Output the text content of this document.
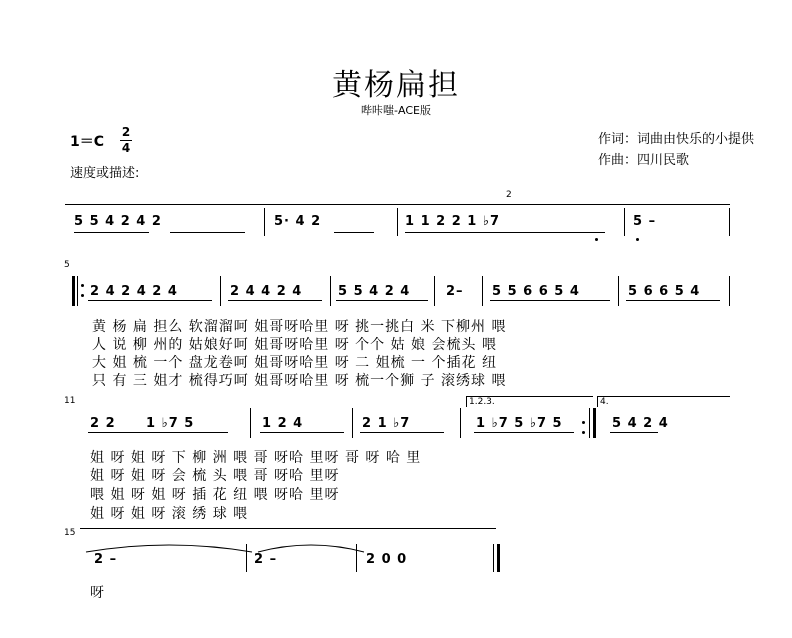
黄杨扁担
哔咔嗤-ACE版
1＝C
2
4
速度或描述:
作词：词曲由快乐的小提供
作曲：四川民歌
2
5 5 4 2 4 2	5· 4 2	1 1 2 2 1 ♭7	5 –
5
2 4 2 4 2 4	2 4 4 2 4	5 5 4 2 4	2– 5 5 6 6 5 4	5 6 6 5 4
黄 杨 扁 担么 软溜溜呵 姐哥呀哈里 呀 挑一挑白 米 下柳州 喂
人 说 柳 州的 姑娘好呵 姐哥呀哈里 呀 个个 姑 娘 会梳头 喂
大 姐 梳 一个 盘龙卷呵 姐哥呀哈里 呀 二 姐梳 一 个插花 纽
只 有 三 姐才 梳得巧呵 姐哥呀哈里 呀 梳一个狮 子 滚绣球 喂
11	1.2.3.	4.
2 2 1 ♭7 5	1 2 4	2 1 ♭7	1 ♭7 5 ♭7 5	5 4 2 4
姐 呀 姐 呀 下 柳 洲 喂 哥 呀哈 里呀 哥 呀 哈 里
姐 呀 姐 呀 会 梳 头 喂 哥 呀哈 里呀
喂 姐 呀 姐 呀 插 花 纽 喂 呀哈 里呀
姐 呀 姐 呀 滚 绣 球 喂
15
2 –	2 –	2 0 0
呀
